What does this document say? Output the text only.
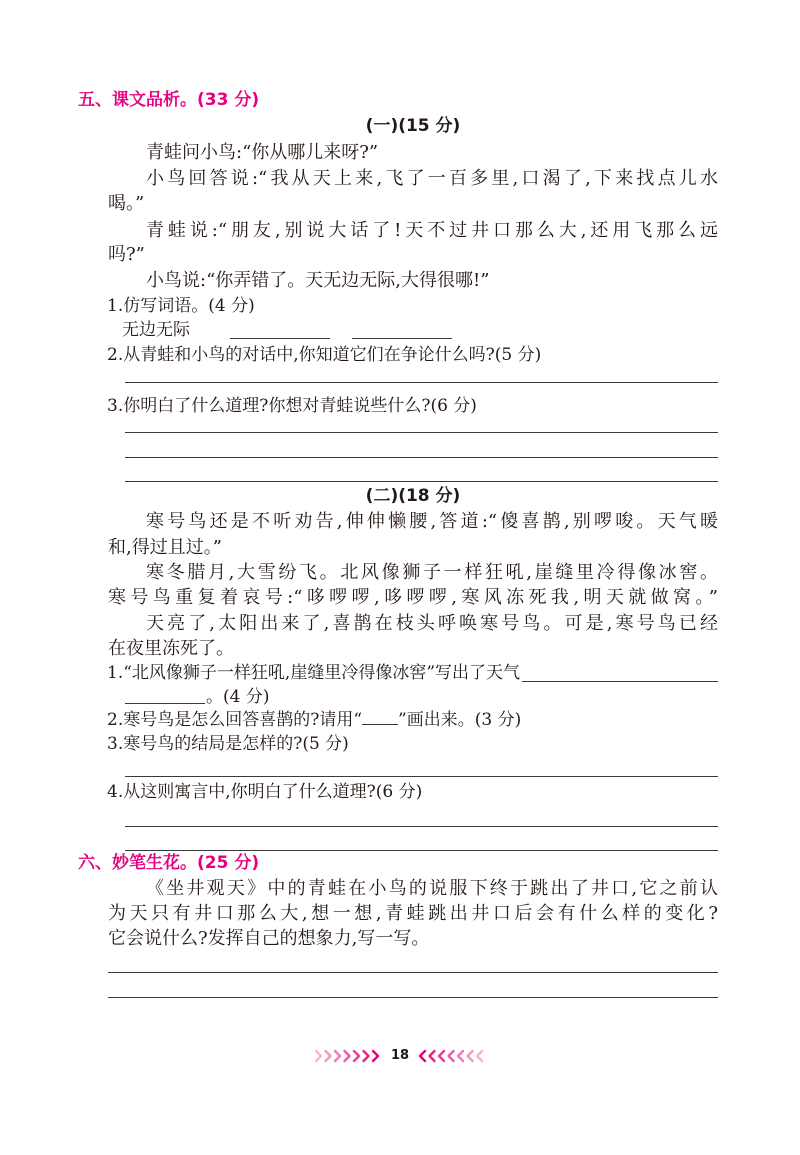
五、课文品析。(33 分)
(一)(15 分)
青蛙问小鸟:“你从哪儿来呀?”
小鸟回答说:“我从天上来,飞了一百多里,口渴了,下来找点儿水
喝。”
青蛙说:“朋友,别说大话了!天不过井口那么大,还用飞那么远
吗?”
小鸟说:“你弄错了。天无边无际,大得很哪!”
1.仿写词语。(4 分)
无边无际
2.从青蛙和小鸟的对话中,你知道它们在争论什么吗?(5 分)
3.你明白了什么道理?你想对青蛙说些什么?(6 分)
(二)(18 分)
寒号鸟还是不听劝告,伸伸懒腰,答道:“傻喜鹊,别啰唆。天气暖
和,得过且过。”
寒冬腊月,大雪纷飞。北风像狮子一样狂吼,崖缝里冷得像冰窖。
寒号鸟重复着哀号:“哆啰啰,哆啰啰,寒风冻死我,明天就做窝。”
天亮了,太阳出来了,喜鹊在枝头呼唤寒号鸟。可是,寒号鸟已经
在夜里冻死了。
1.“北风像狮子一样狂吼,崖缝里冷得像冰窖”写出了天气
。(4 分)
2.寒号鸟是怎么回答喜鹊的?请用“ ”画出来。(3 分)
3.寒号鸟的结局是怎样的?(5 分)
4.从这则寓言中,你明白了什么道理?(6 分)
六、妙笔生花。(25 分)
《坐井观天》中的青蛙在小鸟的说服下终于跳出了井口,它之前认
为天只有井口那么大,想一想,青蛙跳出井口后会有什么样的变化?
它会说什么?发挥自己的想象力,写一写。
18
